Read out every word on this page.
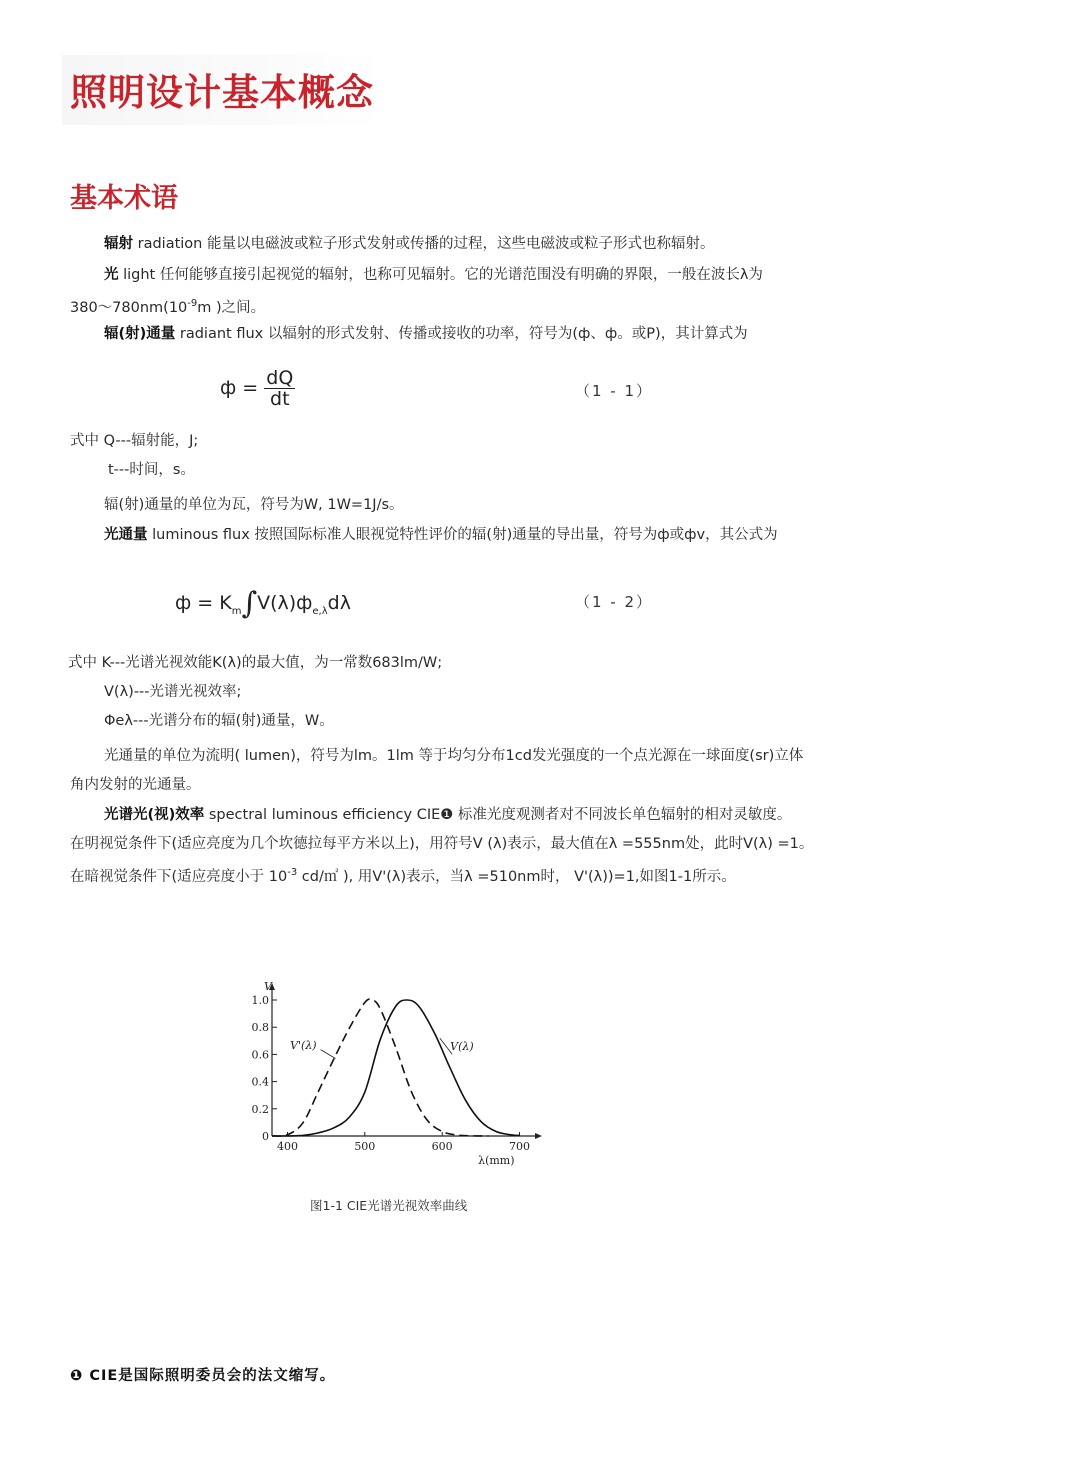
照明设计基本概念
基本术语
辐射 radiation 能量以电磁波或粒子形式发射或传播的过程，这些电磁波或粒子形式也称辐射。
光 light 任何能够直接引起视觉的辐射，也称可见辐射。它的光谱范围没有明确的界限，一般在波长λ为
$380\sim 780nm(10^{-9}m$ )之间。
辐(射)通量 radiant flux 以辐射的形式发射、传播或接收的功率，符号为(ф、ф。或P)，其计算式为
$ф = \frac{dQ}{dt}$	（1 - 1）
式中 Q---辐射能，J;
t---时间，s。
辐(射)通量的单位为瓦，符号为W, 1W=1J/s。
光通量 luminous flux 按照国际标准人眼视觉特性评价的辐(射)通量的导出量，符号为ф或фv，其公式为
$ф = K_m\int V(\lambda)ф_{e,\lambda}d\lambda$	（1 - 2）
式中 K---光谱光视效能K(λ)的最大值，为一常数683lm/W;
V(λ)---光谱光视效率;
Φeλ---光谱分布的辐(射)通量，W。
光通量的单位为流明( lumen)，符号为lm。1lm 等于均匀分布1cd发光强度的一个点光源在一球面度(sr)立体
角内发射的光通量。
光谱光(视)效率 spectral luminous efficiency CIE❶ 标准光度观测者对不同波长单色辐射的相对灵敏度。
在明视觉条件下(适应亮度为几个坎德拉每平方米以上)，用符号V (λ)表示，最大值在λ =555nm处，此时V(λ) =1。
在暗视觉条件下(适应亮度小于 $10^{-3}$ cd/㎡ ), 用V'(λ)表示，当λ =510nm时， V'(λ))=1,如图1-1所示。
0
0.2
0.4
0.6
0.8
1.0
400	500	600	700
V
λ(mm)
V(λ)
V'(λ)
图1-1 CIE光谱光视效率曲线
❶ CIE是国际照明委员会的法文缩写。
